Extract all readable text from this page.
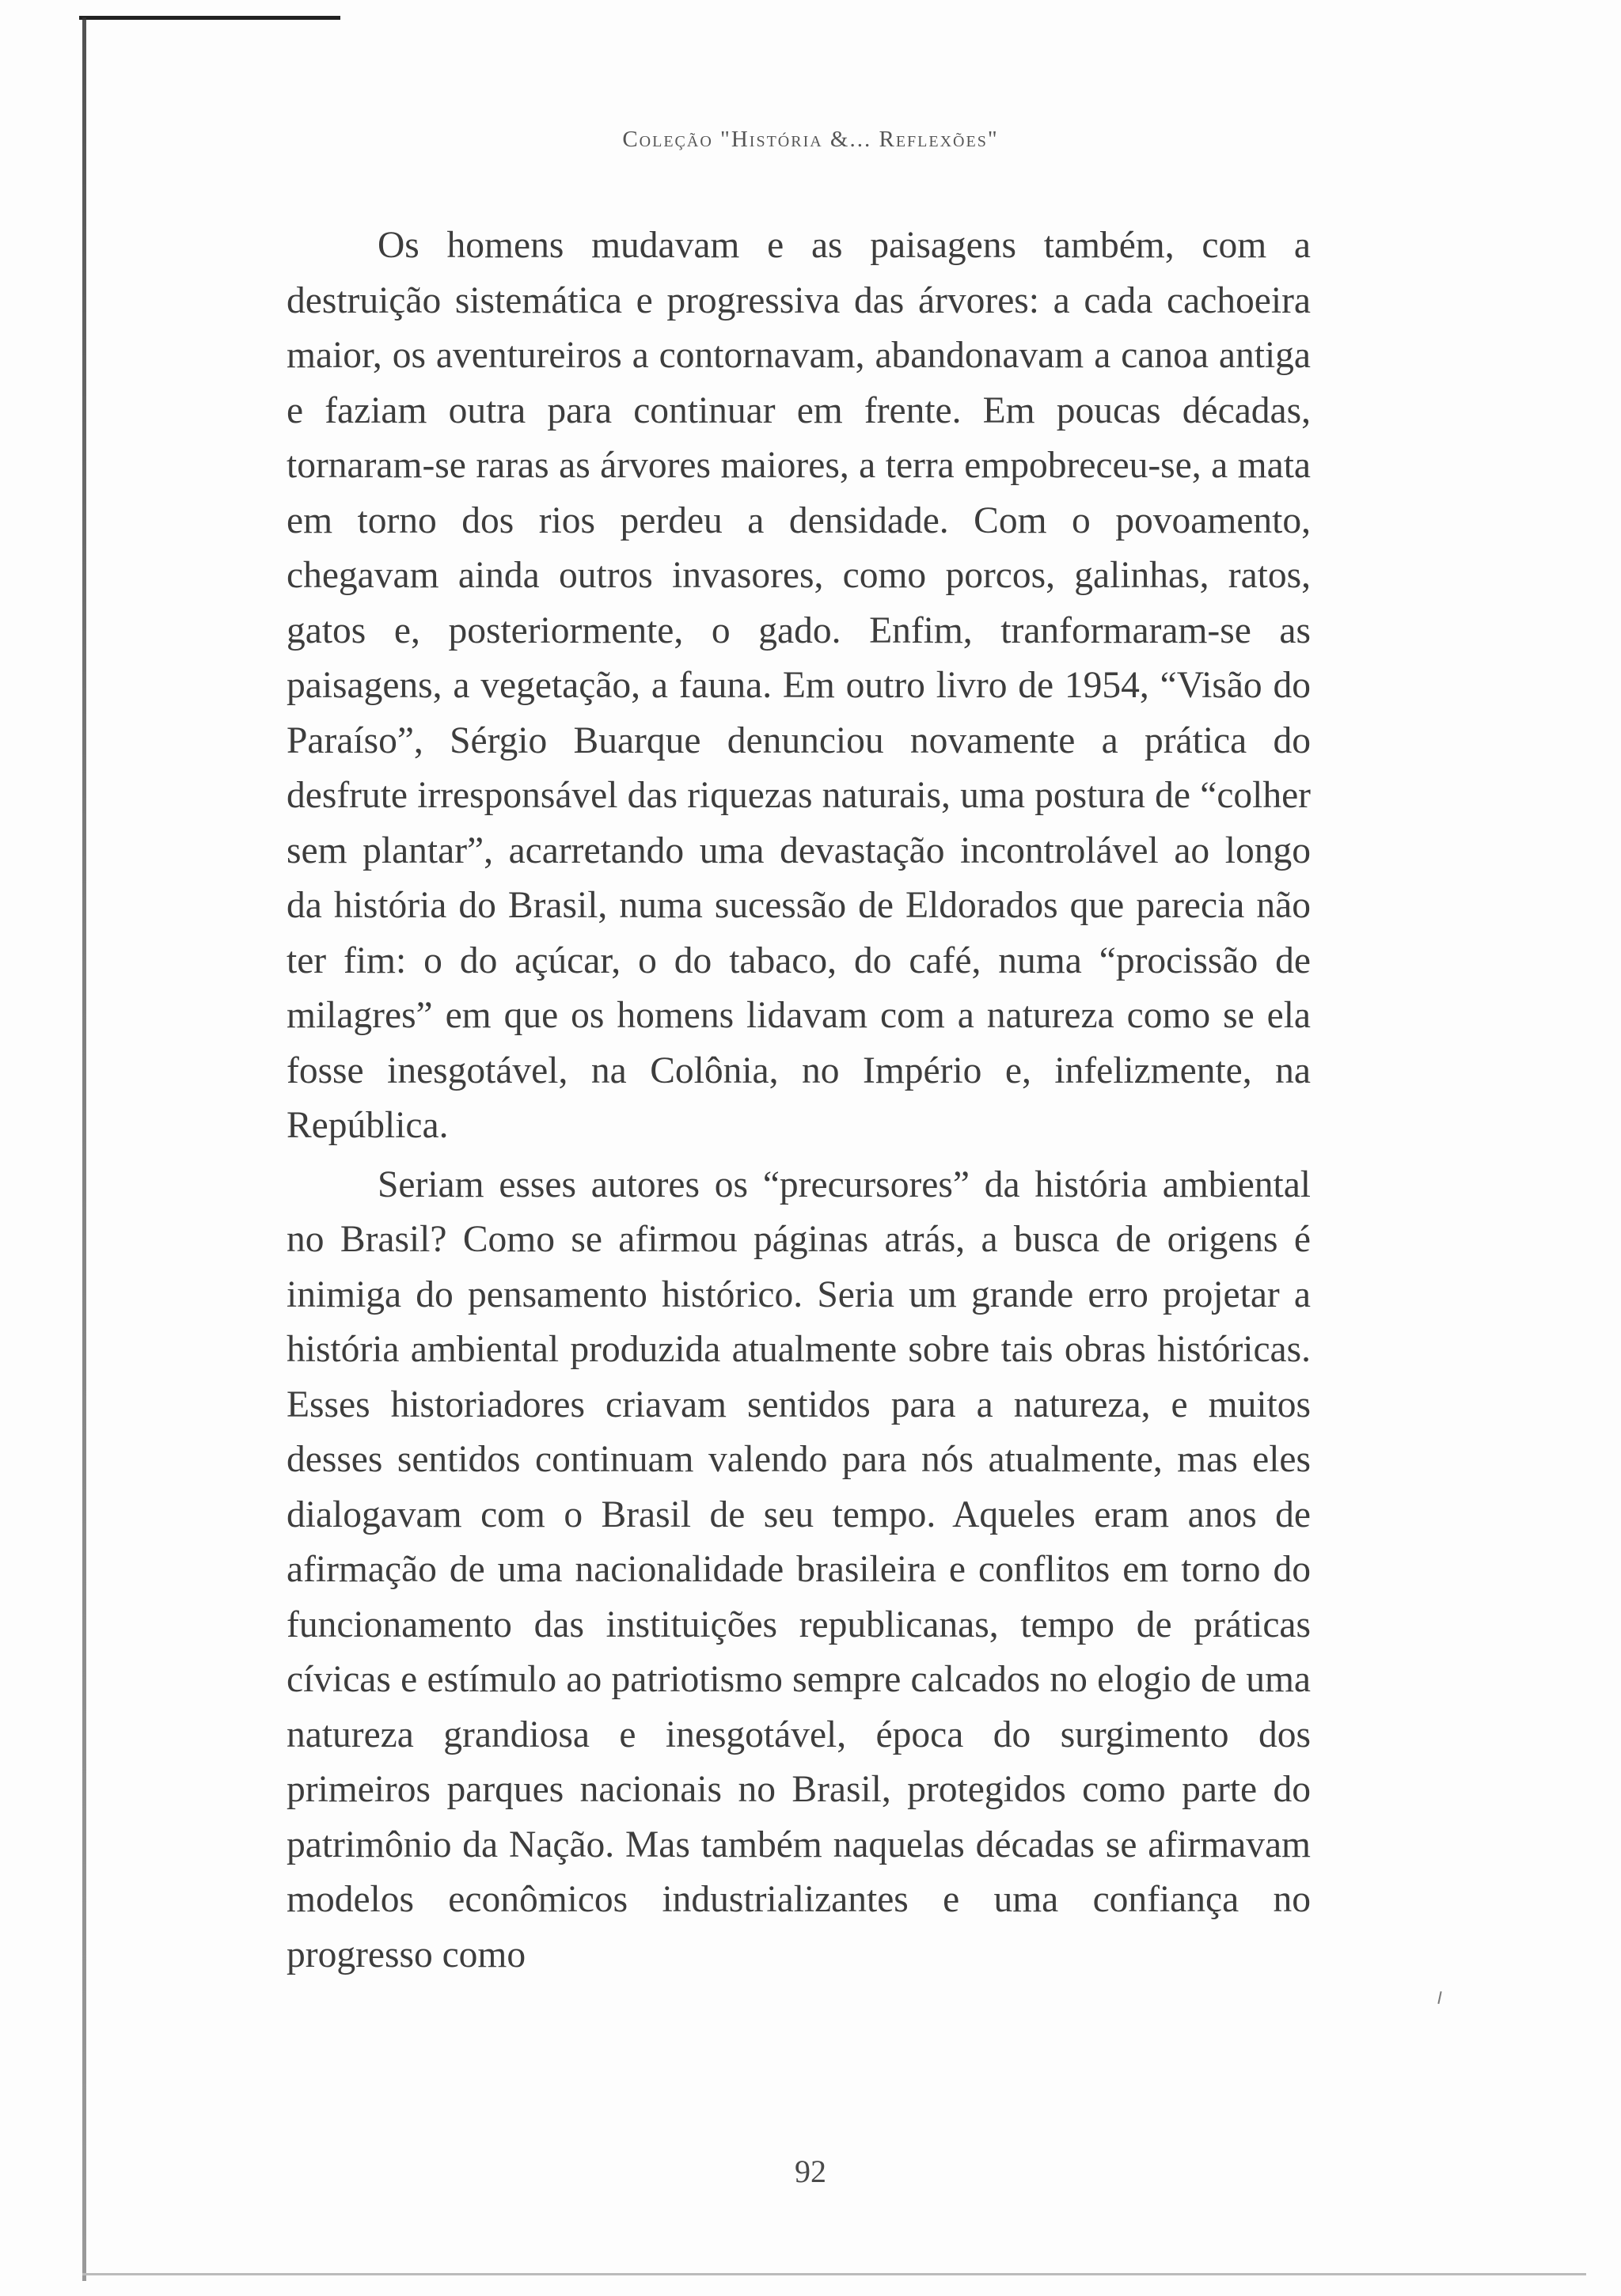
Coleção "História &... Reflexões"

Os homens mudavam e as paisagens também, com a destruição sistemática e progressiva das árvores: a cada cachoeira maior, os aventureiros a contornavam, abandonavam a canoa antiga e faziam outra para continuar em frente. Em poucas décadas, tornaram-se raras as árvores maiores, a terra empobreceu-se, a mata em torno dos rios perdeu a densidade. Com o povoamento, chegavam ainda outros invasores, como porcos, galinhas, ratos, gatos e, posteriormente, o gado. Enfim, tranformaram-se as paisagens, a vegetação, a fauna. Em outro livro de 1954, “Visão do Paraíso”, Sérgio Buarque denunciou novamente a prática do desfrute irresponsável das riquezas naturais, uma postura de “colher sem plantar”, acarretando uma devastação incontrolável ao longo da história do Brasil, numa sucessão de Eldorados que parecia não ter fim: o do açúcar, o do tabaco, do café, numa “procissão de milagres” em que os homens lidavam com a natureza como se ela fosse inesgotável, na Colônia, no Império e, infelizmente, na República.

Seriam esses autores os “precursores” da história ambiental no Brasil? Como se afirmou páginas atrás, a busca de origens é inimiga do pensamento histórico. Seria um grande erro projetar a história ambiental produzida atualmente sobre tais obras históricas. Esses historiadores criavam sentidos para a natureza, e muitos desses sentidos continuam valendo para nós atualmente, mas eles dialogavam com o Brasil de seu tempo. Aqueles eram anos de afirmação de uma nacionalidade brasileira e conflitos em torno do funcionamento das instituições republicanas, tempo de práticas cívicas e estímulo ao patriotismo sempre calcados no elogio de uma natureza grandiosa e inesgotável, época do surgimento dos primeiros parques nacionais no Brasil, protegidos como parte do patrimônio da Nação. Mas também naquelas décadas se afirmavam modelos econômicos industrializantes e uma confiança no progresso como

92
